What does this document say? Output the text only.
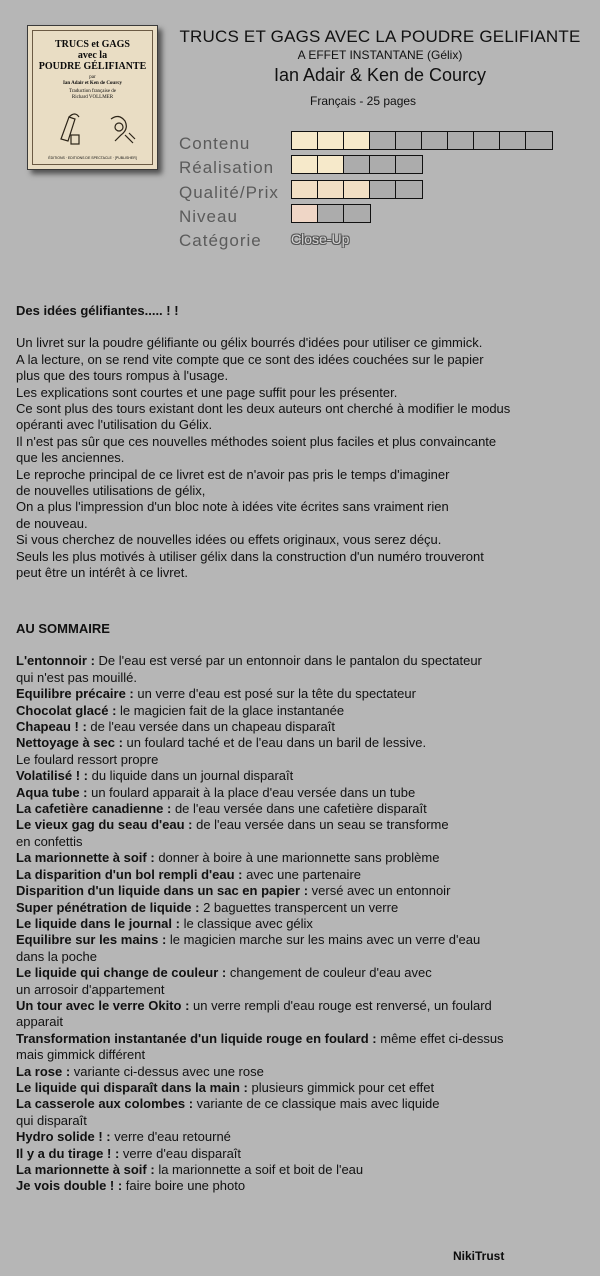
TRUCS et GAGS
avec la
POUDRE GÉLIFIANTE
par
Ian Adair et Ken de Courcy
Traduction française de
Richard VOLLMER
ÉDITIONS · EDITIONS DE SPECTACLE · [PUBLISHER]
TRUCS ET GAGS AVEC LA POUDRE GELIFIANTE
A EFFET INSTANTANE (Gélix)
Ian Adair & Ken de Courcy
Français - 25 pages
Contenu
Réalisation
Qualité/Prix
Niveau
Catégorie Close-Up

Des idées gélifiantes..... ! !

Un livret sur la poudre gélifiante ou gélix bourrés d'idées pour utiliser ce gimmick.

A la lecture, on se rend vite compte que ce sont des idées couchées sur le papier

plus que des tours rompus à l'usage.

Les explications sont courtes et une page suffit pour les présenter.

Ce sont plus des tours existant dont les deux auteurs ont cherché à modifier le modus

opéranti avec l'utilisation du Gélix.

Il n'est pas sûr que ces nouvelles méthodes soient plus faciles et plus convaincante

que les anciennes.

Le reproche principal de ce livret est de n'avoir pas pris le temps d'imaginer

de nouvelles utilisations de gélix,

On a plus l'impression d'un bloc note à idées vite écrites sans vraiment rien

de nouveau.

Si vous cherchez de nouvelles idées ou effets originaux, vous serez déçu.

Seuls les plus motivés à utiliser gélix dans la construction d'un numéro trouveront

peut être un intérêt à ce livret.

AU SOMMAIRE

L'entonnoir : De l'eau est versé par un entonnoir dans le pantalon du spectateur

qui n'est pas mouillé.

Equilibre précaire : un verre d'eau est posé sur la tête du spectateur

Chocolat glacé : le magicien fait de la glace instantanée

Chapeau ! : de l'eau versée dans un chapeau disparaît

Nettoyage à sec : un foulard taché et de l'eau dans un baril de lessive.

Le foulard ressort propre

Volatilisé ! : du liquide dans un journal disparaît

Aqua tube : un foulard apparait à la place d'eau versée dans un tube

La cafetière canadienne : de l'eau versée dans une cafetière disparaît

Le vieux gag du seau d'eau : de l'eau versée dans un seau se transforme

en confettis

La marionnette à soif : donner à boire à une marionnette sans problème

La disparition d'un bol rempli d'eau : avec une partenaire

Disparition d'un liquide dans un sac en papier : versé avec un entonnoir

Super pénétration de liquide : 2 baguettes transpercent un verre

Le liquide dans le journal : le classique avec gélix

Equilibre sur les mains : le magicien marche sur les mains avec un verre d'eau

dans la poche

Le liquide qui change de couleur : changement de couleur d'eau avec

un arrosoir d'appartement

Un tour avec le verre Okito : un verre rempli d'eau rouge est renversé, un foulard

apparait

Transformation instantanée d'un liquide rouge en foulard : même effet ci-dessus

mais gimmick différent

La rose : variante ci-dessus avec une rose

Le liquide qui disparaît dans la main : plusieurs gimmick pour cet effet

La casserole aux colombes : variante de ce classique mais avec liquide

qui disparaît

Hydro solide ! : verre d'eau retourné

Il y a du tirage ! : verre d'eau disparaît

La marionnette à soif : la marionnette a soif et boit de l'eau

Je vois double ! : faire boire une photo

NikiTrust
